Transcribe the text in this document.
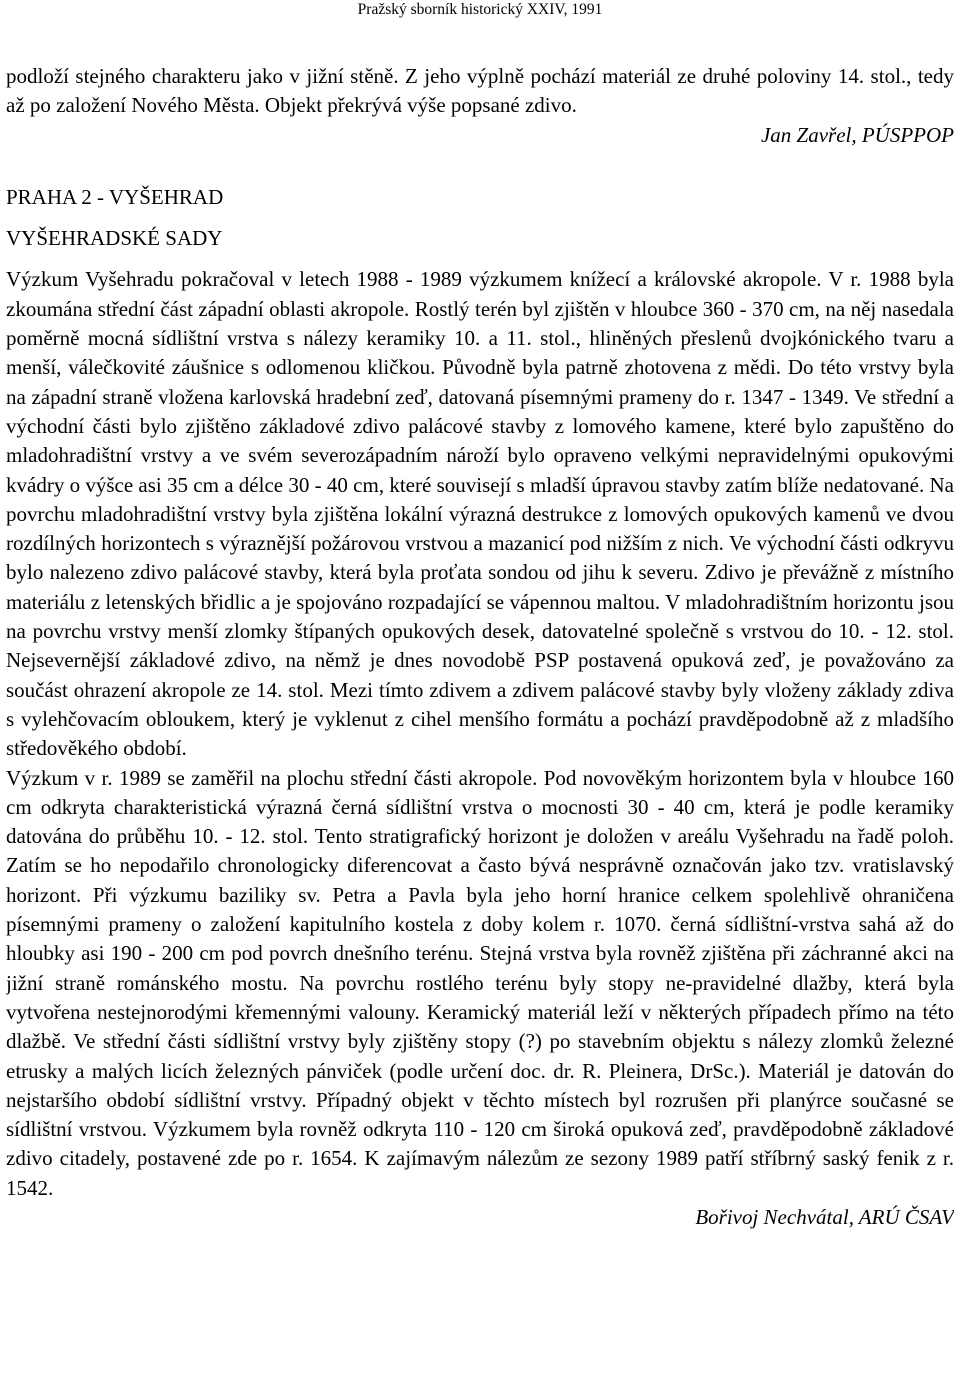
Pražský sborník historický XXIV, 1991

podloží stejného charakteru jako v jižní stěně. Z jeho výplně pochází materiál ze druhé poloviny 14. stol., tedy až po založení Nového Města. Objekt překrývá výše popsané zdivo.

Jan Zavřel, PÚSPPOP

PRAHA 2 - VYŠEHRAD
VYŠEHRADSKÉ SADY

Výzkum Vyšehradu pokračoval v letech 1988 - 1989 výzkumem knížecí a královské akropole. V r. 1988 byla zkoumána střední část západní oblasti akropole. Rostlý terén byl zjištěn v hloubce 360 - 370 cm, na něj nasedala poměrně mocná sídlištní vrstva s nálezy keramiky 10. a 11. stol., hliněných přeslenů dvojkónického tvaru a menší, válečkovité záušnice s odlomenou kličkou. Původně byla patrně zhotovena z mědi. Do této vrstvy byla na západní straně vložena karlovská hradební zeď, datovaná písemnými prameny do r. 1347 - 1349. Ve střední a východní části bylo zjištěno základové zdivo palácové stavby z lomového kamene, které bylo zapuštěno do mladohradištní vrstvy a ve svém severozápadním nároží bylo opraveno velkými nepravidelnými opukovými kvádry o výšce asi 35 cm a délce 30 - 40 cm, které souvisejí s mladší úpravou stavby zatím blíže nedatované. Na povrchu mladohradištní vrstvy byla zjištěna lokální výrazná destrukce z lomových opukových kamenů ve dvou rozdílných horizontech s výraznější požárovou vrstvou a mazanicí pod nižším z nich. Ve východní části odkryvu bylo nalezeno zdivo palácové stavby, která byla proťata sondou od jihu k severu. Zdivo je převážně z místního materiálu z letenských břidlic a je spojováno rozpadající se vápennou maltou. V mladohradištním horizontu jsou na povrchu vrstvy menší zlomky štípaných opukových desek, datovatelné společně s vrstvou do 10. - 12. stol. Nejsevernější základové zdivo, na němž je dnes novodobě PSP postavená opuková zeď, je považováno za součást ohrazení akropole ze 14. stol. Mezi tímto zdivem a zdivem palácové stavby byly vloženy základy zdiva s vylehčovacím obloukem, který je vyklenut z cihel menšího formátu a pochází pravděpodobně až z mladšího středověkého období.

Výzkum v r. 1989 se zaměřil na plochu střední části akropole. Pod novověkým horizontem byla v hloubce 160 cm odkryta charakteristická výrazná černá sídlištní vrstva o mocnosti 30 - 40 cm, která je podle keramiky datována do průběhu 10. - 12. stol. Tento stratigrafický horizont je doložen v areálu Vyšehradu na řadě poloh. Zatím se ho nepodařilo chronologicky diferencovat a často bývá nesprávně označován jako tzv. vratislavský horizont. Při výzkumu baziliky sv. Petra a Pavla byla jeho horní hranice celkem spolehlivě ohraničena písemnými prameny o založení kapitulního kostela z doby kolem r. 1070. černá sídlištní-vrstva sahá až do hloubky asi 190 - 200 cm pod povrch dnešního terénu. Stejná vrstva byla rovněž zjištěna při záchranné akci na jižní straně románského mostu. Na povrchu rostlého terénu byly stopy ne-pravidelné dlažby, která byla vytvořena nestejnorodými křemennými valouny. Keramický materiál leží v některých případech přímo na této dlažbě. Ve střední části sídlištní vrstvy byly zjištěny stopy (?) po stavebním objektu s nálezy zlomků železné etrusky a malých licích železných pánviček (podle určení doc. dr. R. Pleinera, DrSc.). Materiál je datován do nejstaršího období sídlištní vrstvy. Případný objekt v těchto místech byl rozrušen při planýrce současné se sídlištní vrstvou. Výzkumem byla rovněž odkryta 110 - 120 cm široká opuková zeď, pravděpodobně základové zdivo citadely, postavené zde po r. 1654. K zajímavým nálezům ze sezony 1989 patří stříbrný saský fenik z r. 1542.

Bořivoj Nechvátal, ARÚ ČSAV
